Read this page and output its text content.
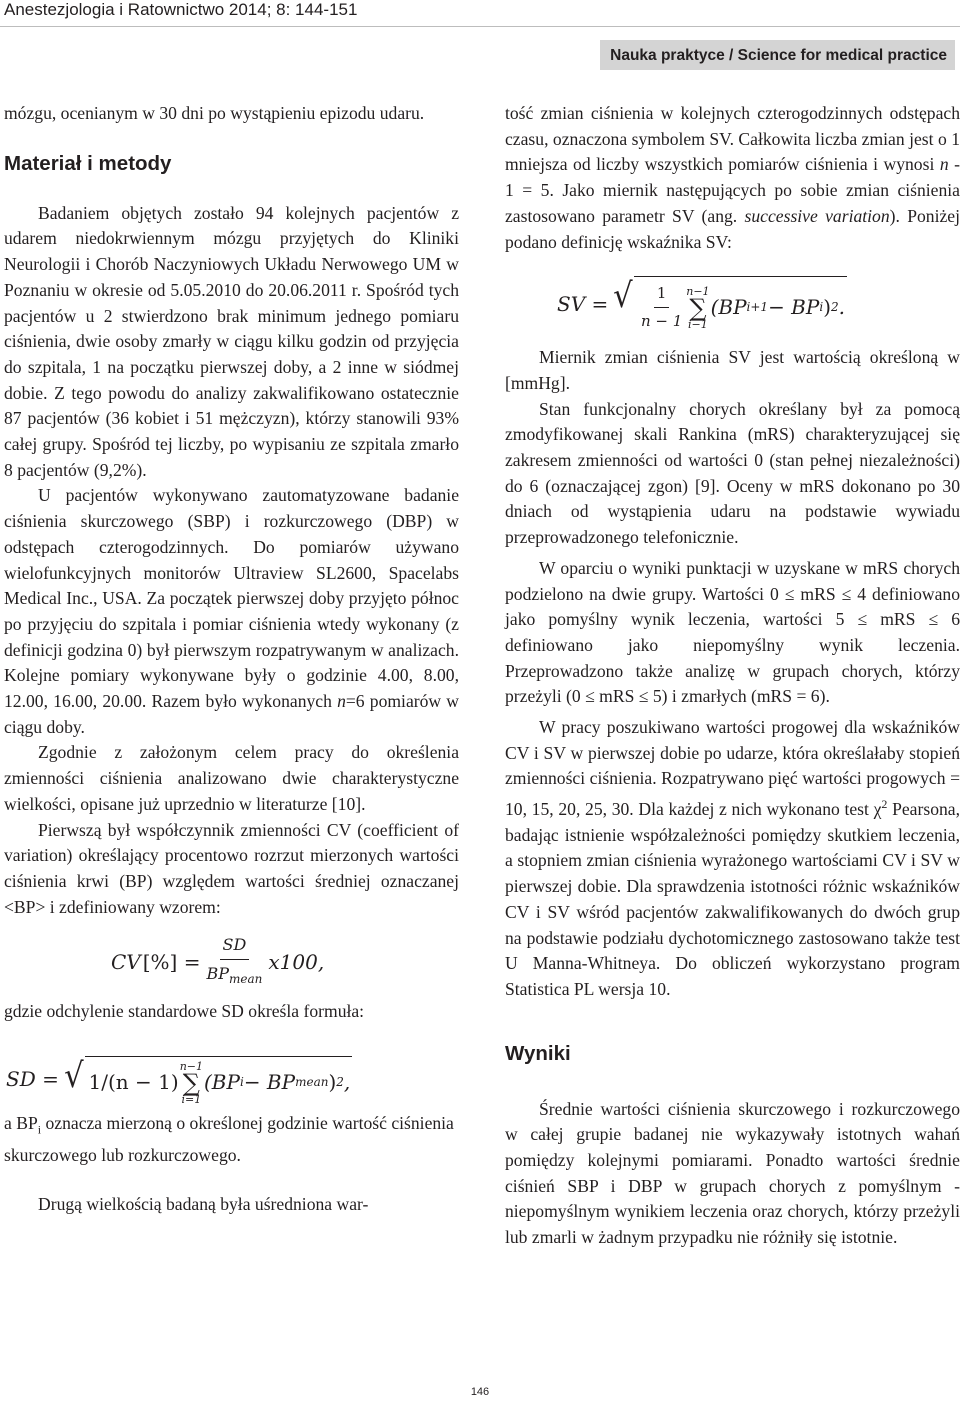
Anestezjologia i Ratownictwo 2014; 8: 144-151
Nauka praktyce / Science for medical practice

mózgu, ocenianym w 30 dni po wystąpieniu epizodu udaru.

Materiał i metody

Badaniem objętych zostało 94 kolejnych pacjentów z udarem niedokrwiennym mózgu przyjętych do Kliniki Neurologii i Chorób Naczyniowych Układu Nerwowego UM w Poznaniu w okresie od 5.05.2010 do 20.06.2011 r. Spośród tych pacjentów u 2 stwierdzono brak minimum jednego pomiaru ciśnienia, dwie osoby zmarły w ciągu kilku godzin od przyjęcia do szpitala, 1 na początku pierwszej doby, a 2 inne w siódmej dobie. Z tego powodu do analizy zakwalifikowano ostatecznie 87 pacjentów (36 kobiet i 51 mężczyzn), którzy stanowili 93% całej grupy. Spośród tej liczby, po wypisaniu ze szpitala zmarło 8 pacjentów (9,2%).

U pacjentów wykonywano zautomatyzowane badanie ciśnienia skurczowego (SBP) i rozkurczowego (DBP) w odstępach czterogodzinnych. Do pomiarów używano wielofunkcyjnych monitorów Ultraview SL2600, Spacelabs Medical Inc., USA. Za początek pierwszej doby przyjęto północ po przyjęciu do szpitala i pomiar ciśnienia wtedy wykonany (z definicji godzina 0) był pierwszym rozpatrywanym w analizach. Kolejne pomiary wykonywane były o godzinie 4.00, 8.00, 12.00, 16.00, 20.00. Razem było wykonanych n=6 pomiarów w ciągu doby.

Zgodnie z założonym celem pracy do określenia zmienności ciśnienia analizowano dwie charakterystyczne wielkości, opisane już uprzednio w literaturze [10].

Pierwszą był współczynnik zmienności CV (coefficient of variation) określający procentowo rozrzut mierzonych wartości ciśnienia krwi (BP) względem wartości średniej oznaczanej <BP> i zdefiniowany wzorem:

CV [%] = $\frac{SD}{BP_{mean}} x100$,

gdzie odchylenie standardowe SD określa formuła:

SD = √ 1/(n − 1)
n−1
∑
i=1
(BP i − BP mean ) 2 ,

a $BP_i$ oznacza mierzoną o określonej godzinie wartość ciśnienia skurczowego lub rozkurczowego.

Drugą wielkością badaną była uśredniona war-

tość zmian ciśnienia w kolejnych czterogodzinnych odstępach czasu, oznaczona symbolem SV. Całkowita liczba zmian jest o 1 mniejsza od liczby wszystkich pomiarów ciśnienia i wynosi n - 1 = 5. Jako miernik następujących po sobie zmian ciśnienia zastosowano parametr SV (ang. successive variation). Poniżej podano definicję wskaźnika SV:

SV = √ $\frac{1}{n - 1} n-1$
∑
i−1
(BP i+1 − BP i ) 2 .

Miernik zmian ciśnienia SV jest wartością określoną w [mmHg].

Stan funkcjonalny chorych określany był za pomocą zmodyfikowanej skali Rankina (mRS) charakteryzującej się zakresem zmienności od wartości 0 (stan pełnej niezależności) do 6 (oznaczającej zgon) [9]. Oceny w mRS dokonano po 30 dniach od wystąpienia udaru na podstawie wywiadu przeprowadzonego telefonicznie.

W oparciu o wyniki punktacji w uzyskane w mRS chorych podzielono na dwie grupy. Wartości 0 ≤ mRS ≤ 4 definiowano jako pomyślny wynik leczenia, wartości 5 ≤ mRS ≤ 6 definiowano jako niepomyślny wynik leczenia. Przeprowadzono także analizę w grupach chorych, którzy przeżyli (0 ≤ mRS ≤ 5) i zmarłych (mRS = 6).

W pracy poszukiwano wartości progowej dla wskaźników CV i SV w pierwszej dobie po udarze, która określałaby stopień zmienności ciśnienia. Rozpatrywano pięć wartości progowych = 10, 15, 20, 25, 30. Dla każdej z nich wykonano test $\chi^2$ Pearsona, badając istnienie współzależności pomiędzy skutkiem leczenia, a stopniem zmian ciśnienia wyrażonego wartościami CV i SV w pierwszej dobie. Dla sprawdzenia istotności różnic wskaźników CV i SV wśród pacjentów zakwalifikowanych do dwóch grup na podstawie podziału dychotomicznego zastosowano także test U Manna-Whitneya. Do obliczeń wykorzystano program Statistica PL wersja 10.

Wyniki

Średnie wartości ciśnienia skurczowego i rozkurczowego w całej grupie badanej nie wykazywały istotnych wahań pomiędzy kolejnymi pomiarami. Ponadto wartości średnie ciśnień SBP i DBP w grupach chorych z pomyślnym - niepomyślnym wynikiem leczenia oraz chorych, którzy przeżyli lub zmarli w żadnym przypadku nie różniły się istotnie.

146
